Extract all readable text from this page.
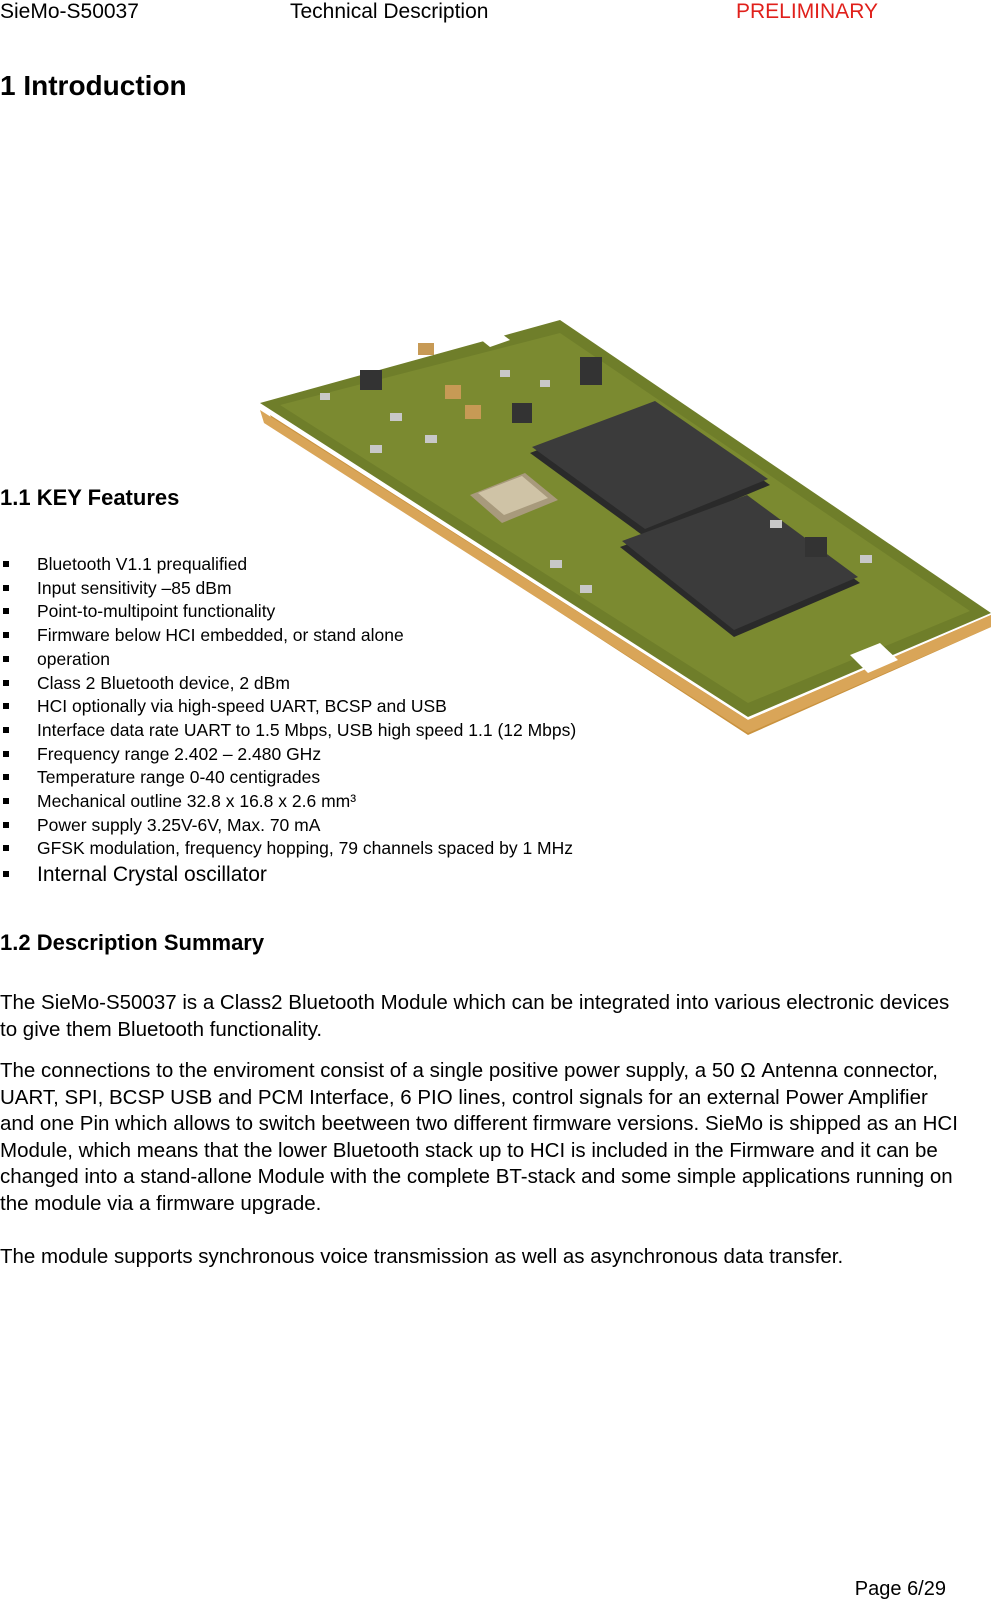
SieMo-S50037	Technical Description	PRELIMINARY
1 Introduction
1.1 KEY Features
Bluetooth V1.1 prequalified
Input sensitivity –85 dBm
Point-to-multipoint functionality
Firmware below HCI embedded, or stand alone
operation
Class 2 Bluetooth device, 2 dBm
HCI optionally via high-speed UART, BCSP and USB
Interface data rate UART to 1.5 Mbps, USB high speed 1.1 (12 Mbps)
Frequency range 2.402 – 2.480 GHz
Temperature range 0-40 centigrades
Mechanical outline 32.8 x 16.8 x 2.6 mm³
Power supply 3.25V-6V, Max. 70 mA
GFSK modulation, frequency hopping, 79 channels spaced by 1 MHz
Internal Crystal oscillator
1.2 Description Summary

The SieMo-S50037 is a Class2 Bluetooth Module which can be integrated into various electronic devices to give them Bluetooth functionality.

The connections to the enviroment consist of a single positive power supply, a 50 Ω Antenna connector, UART, SPI, BCSP USB and PCM Interface, 6 PIO lines, control signals for an external Power Amplifier and one Pin which allows to switch beetween two different firmware versions. SieMo is shipped as an HCI Module, which means that the lower Bluetooth stack up to HCI is included in the Firmware and it can be changed into a stand-allone Module with the complete BT-stack and some simple applications running on the module via a firmware upgrade.

The module supports synchronous voice transmission as well as asynchronous data transfer.

Page 6/29
